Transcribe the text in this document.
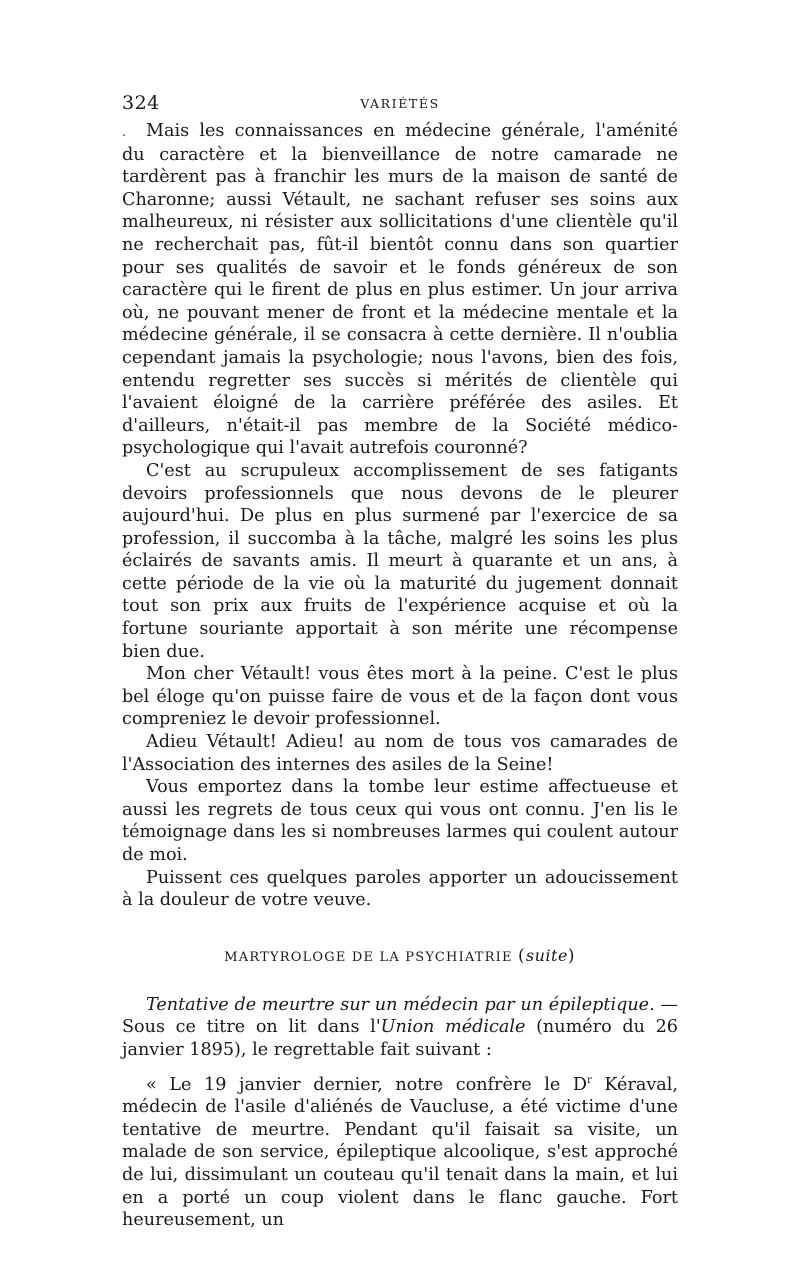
324	VARIÉTÉS

. Mais les connaissances en médecine générale, l'aménité du caractère et la bienveillance de notre camarade ne tardèrent pas à franchir les murs de la maison de santé de Charonne; aussi Vétault, ne sachant refuser ses soins aux malheureux, ni résister aux sollicitations d'une clientèle qu'il ne recherchait pas, fût-il bientôt connu dans son quartier pour ses qualités de savoir et le fonds généreux de son caractère qui le firent de plus en plus estimer. Un jour arriva où, ne pouvant mener de front et la médecine mentale et la médecine générale, il se consacra à cette dernière. Il n'oublia cependant jamais la psychologie; nous l'avons, bien des fois, entendu regretter ses succès si mérités de clientèle qui l'avaient éloigné de la carrière préférée des asiles. Et d'ailleurs, n'était-il pas membre de la Société médico-psychologique qui l'avait autrefois couronné?

C'est au scrupuleux accomplissement de ses fatigants devoirs professionnels que nous devons de le pleurer aujourd'hui. De plus en plus surmené par l'exercice de sa profession, il succomba à la tâche, malgré les soins les plus éclairés de savants amis. Il meurt à quarante et un ans, à cette période de la vie où la maturité du jugement donnait tout son prix aux fruits de l'expérience acquise et où la fortune souriante apportait à son mérite une récompense bien due.

Mon cher Vétault! vous êtes mort à la peine. C'est le plus bel éloge qu'on puisse faire de vous et de la façon dont vous compreniez le devoir professionnel.

Adieu Vétault! Adieu! au nom de tous vos camarades de l'Association des internes des asiles de la Seine!

Vous emportez dans la tombe leur estime affectueuse et aussi les regrets de tous ceux qui vous ont connu. J'en lis le témoignage dans les si nombreuses larmes qui coulent autour de moi.

Puissent ces quelques paroles apporter un adoucissement à la douleur de votre veuve.

MARTYROLOGE DE LA PSYCHIATRIE (suite)

Tentative de meurtre sur un médecin par un épileptique. — Sous ce titre on lit dans l'Union médicale (numéro du 26 janvier 1895), le regrettable fait suivant :

« Le 19 janvier dernier, notre confrère le $D^r$ Kéraval, médecin de l'asile d'aliénés de Vaucluse, a été victime d'une tentative de meurtre. Pendant qu'il faisait sa visite, un malade de son service, épileptique alcoolique, s'est approché de lui, dissimulant un couteau qu'il tenait dans la main, et lui en a porté un coup violent dans le flanc gauche. Fort heureusement, un
